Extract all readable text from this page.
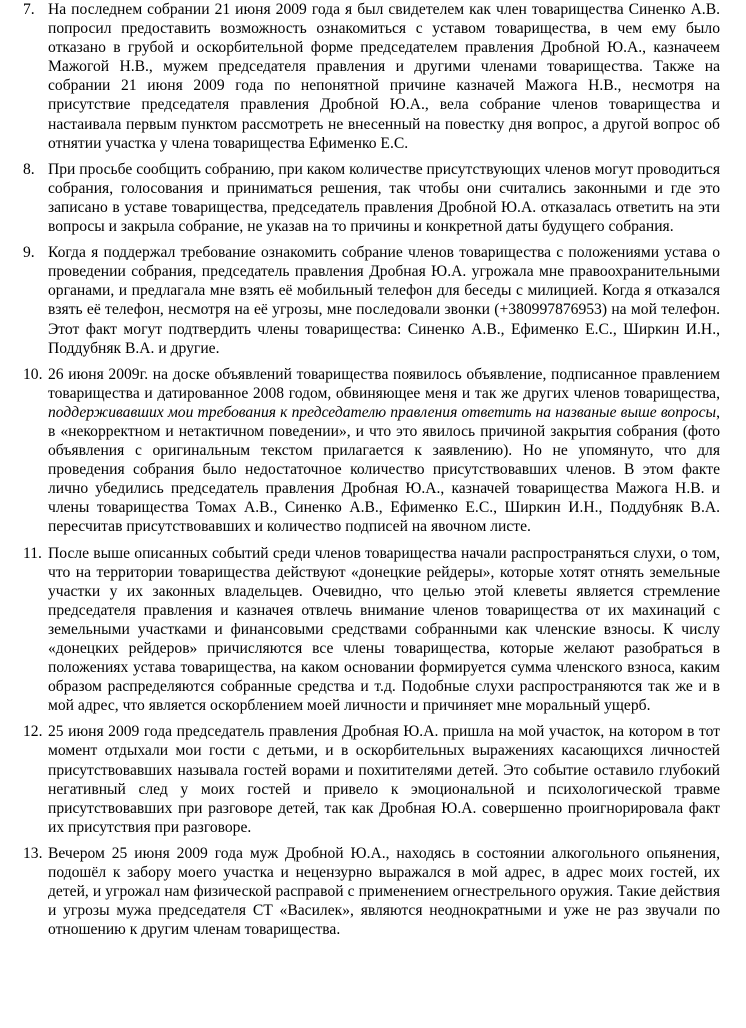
7. На последнем собрании 21 июня 2009 года я был свидетелем как член товарищества Синенко А.В. попросил предоставить возможность ознакомиться с уставом товарищества, в чем ему было отказано в грубой и оскорбительной форме председателем правления Дробной Ю.А., казначеем Мажогой Н.В., мужем председателя правления и другими членами товарищества. Также на собрании 21 июня 2009 года по непонятной причине казначей Мажога Н.В., несмотря на присутствие председателя правления Дробной Ю.А., вела собрание членов товарищества и настаивала первым пунктом рассмотреть не внесенный на повестку дня вопрос, а другой вопрос об отнятии участка у члена товарищества Ефименко Е.С.
8. При просьбе сообщить собранию, при каком количестве присутствующих членов могут проводиться собрания, голосования и приниматься решения, так чтобы они считались законными и где это записано в уставе товарищества, председатель правления Дробной Ю.А. отказалась ответить на эти вопросы и закрыла собрание, не указав на то причины и конкретной даты будущего собрания.
9. Когда я поддержал требование ознакомить собрание членов товарищества с положениями устава о проведении собрания, председатель правления Дробная Ю.А. угрожала мне правоохранительными органами, и предлагала мне взять её мобильный телефон для беседы с милицией. Когда я отказался взять её телефон, несмотря на её угрозы, мне последовали звонки (+380997876953) на мой телефон. Этот факт могут подтвердить члены товарищества: Синенко А.В., Ефименко Е.С., Ширкин И.Н., Поддубняк В.А. и другие.
10. 26 июня 2009г. на доске объявлений товарищества появилось объявление, подписанное правлением товарищества и датированное 2008 годом, обвиняющее меня и так же других членов товарищества, поддерживавших мои требования к председателю правления ответить на названые выше вопросы, в «некорректном и нетактичном поведении», и что это явилось причиной закрытия собрания (фото объявления с оригинальным текстом прилагается к заявлению). Но не упомянуто, что для проведения собрания было недостаточное количество присутствовавших членов. В этом факте лично убедились председатель правления Дробная Ю.А., казначей товарищества Мажога Н.В. и члены товарищества Томах А.В., Синенко А.В., Ефименко Е.С., Ширкин И.Н., Поддубняк В.А. пересчитав присутствовавших и количество подписей на явочном листе.
11. После выше описанных событий среди членов товарищества начали распространяться слухи, о том, что на территории товарищества действуют «донецкие рейдеры», которые хотят отнять земельные участки у их законных владельцев. Очевидно, что целью этой клеветы является стремление председателя правления и казначея отвлечь внимание членов товарищества от их махинаций с земельными участками и финансовыми средствами собранными как членские взносы. К числу «донецких рейдеров» причисляются все члены товарищества, которые желают разобраться в положениях устава товарищества, на каком основании формируется сумма членского взноса, каким образом распределяются собранные средства и т.д. Подобные слухи распространяются так же и в мой адрес, что является оскорблением моей личности и причиняет мне моральный ущерб.
12. 25 июня 2009 года председатель правления Дробная Ю.А. пришла на мой участок, на котором в тот момент отдыхали мои гости с детьми, и в оскорбительных выражениях касающихся личностей присутствовавших называла гостей ворами и похитителями детей. Это событие оставило глубокий негативный след у моих гостей и привело к эмоциональной и психологической травме присутствовавших при разговоре детей, так как Дробная Ю.А. совершенно проигнорировала факт их присутствия при разговоре.
13. Вечером 25 июня 2009 года муж Дробной Ю.А., находясь в состоянии алкогольного опьянения, подошёл к забору моего участка и нецензурно выражался в мой адрес, в адрес моих гостей, их детей, и угрожал нам физической расправой с применением огнестрельного оружия. Такие действия и угрозы мужа председателя СТ «Василек», являются неоднократными и уже не раз звучали по отношению к другим членам товарищества.
